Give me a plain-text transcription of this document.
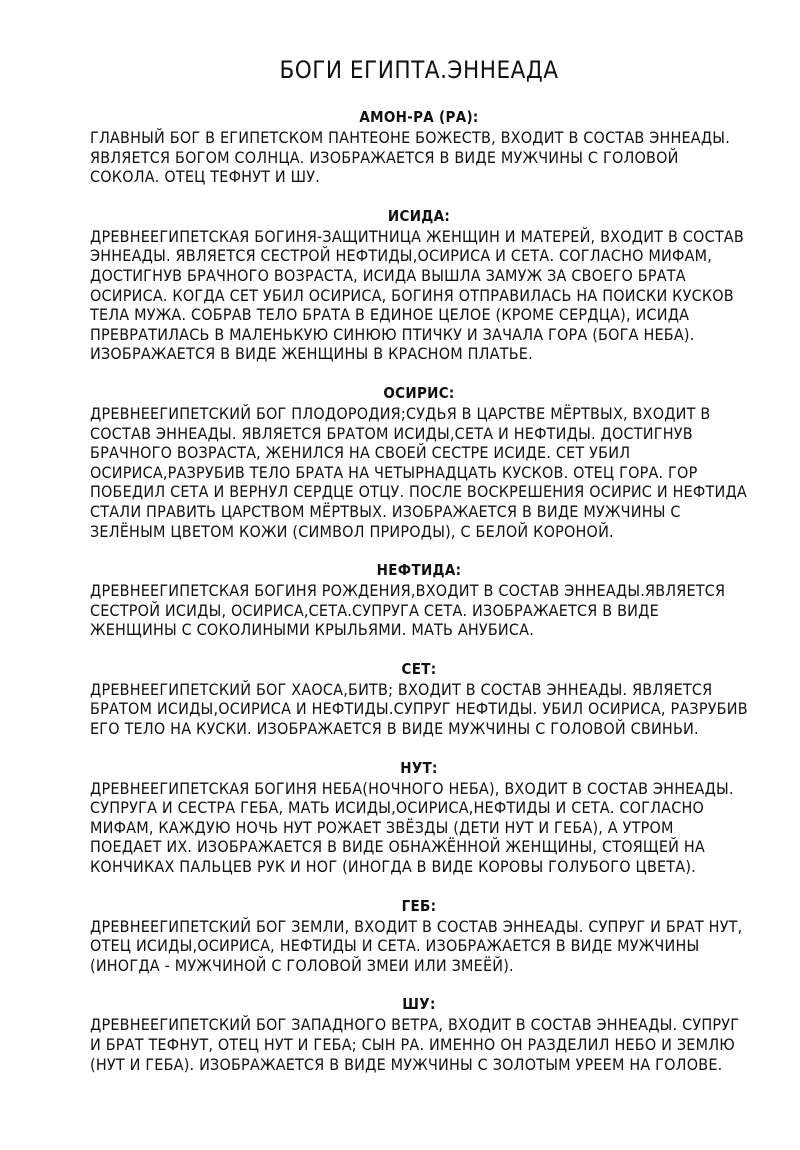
БОГИ ЕГИПТА.ЭННЕАДА
АМОН-РА (РА):

ГЛАВНЫЙ БОГ В ЕГИПЕТСКОМ ПАНТЕОНЕ БОЖЕСТВ, ВХОДИТ В СОСТАВ ЭННЕАДЫ. ЯВЛЯЕТСЯ БОГОМ СОЛНЦА. ИЗОБРАЖАЕТСЯ В ВИДЕ МУЖЧИНЫ С ГОЛОВОЙ СОКОЛА. ОТЕЦ ТЕФНУТ И ШУ.

ИСИДА:

ДРЕВНЕЕГИПЕТСКАЯ БОГИНЯ-ЗАЩИТНИЦА ЖЕНЩИН И МАТЕРЕЙ, ВХОДИТ В СОСТАВ ЭННЕАДЫ. ЯВЛЯЕТСЯ СЕСТРОЙ НЕФТИДЫ,ОСИРИСА И СЕТА. СОГЛАСНО МИФАМ, ДОСТИГНУВ БРАЧНОГО ВОЗРАСТА, ИСИДА ВЫШЛА ЗАМУЖ ЗА СВОЕГО БРАТА ОСИРИСА. КОГДА СЕТ УБИЛ ОСИРИСА, БОГИНЯ ОТПРАВИЛАСЬ НА ПОИСКИ КУСКОВ ТЕЛА МУЖА. СОБРАВ ТЕЛО БРАТА В ЕДИНОЕ ЦЕЛОЕ (КРОМЕ СЕРДЦА), ИСИДА ПРЕВРАТИЛАСЬ В МАЛЕНЬКУЮ СИНЮЮ ПТИЧКУ И ЗАЧАЛА ГОРА (БОГА НЕБА). ИЗОБРАЖАЕТСЯ В ВИДЕ ЖЕНЩИНЫ В КРАСНОМ ПЛАТЬЕ.

ОСИРИС:

ДРЕВНЕЕГИПЕТСКИЙ БОГ ПЛОДОРОДИЯ;СУДЬЯ В ЦАРСТВЕ МЁРТВЫХ, ВХОДИТ В СОСТАВ ЭННЕАДЫ. ЯВЛЯЕТСЯ БРАТОМ ИСИДЫ,СЕТА И НЕФТИДЫ. ДОСТИГНУВ БРАЧНОГО ВОЗРАСТА, ЖЕНИЛСЯ НА СВОЕЙ СЕСТРЕ ИСИДЕ. СЕТ УБИЛ ОСИРИСА,РАЗРУБИВ ТЕЛО БРАТА НА ЧЕТЫРНАДЦАТЬ КУСКОВ. ОТЕЦ ГОРА. ГОР ПОБЕДИЛ СЕТА И ВЕРНУЛ СЕРДЦЕ ОТЦУ. ПОСЛЕ ВОСКРЕШЕНИЯ ОСИРИС И НЕФТИДА СТАЛИ ПРАВИТЬ ЦАРСТВОМ МЁРТВЫХ. ИЗОБРАЖАЕТСЯ В ВИДЕ МУЖЧИНЫ С ЗЕЛЁНЫМ ЦВЕТОМ КОЖИ (СИМВОЛ ПРИРОДЫ), С БЕЛОЙ КОРОНОЙ.

НЕФТИДА:

ДРЕВНЕЕГИПЕТСКАЯ БОГИНЯ РОЖДЕНИЯ,ВХОДИТ В СОСТАВ ЭННЕАДЫ.ЯВЛЯЕТСЯ СЕСТРОЙ ИСИДЫ, ОСИРИСА,СЕТА.СУПРУГА СЕТА. ИЗОБРАЖАЕТСЯ В ВИДЕ ЖЕНЩИНЫ С СОКОЛИНЫМИ КРЫЛЬЯМИ. МАТЬ АНУБИСА.

СЕТ:

ДРЕВНЕЕГИПЕТСКИЙ БОГ ХАОСА,БИТВ; ВХОДИТ В СОСТАВ ЭННЕАДЫ. ЯВЛЯЕТСЯ БРАТОМ ИСИДЫ,ОСИРИСА И НЕФТИДЫ.СУПРУГ НЕФТИДЫ. УБИЛ ОСИРИСА, РАЗРУБИВ ЕГО ТЕЛО НА КУСКИ. ИЗОБРАЖАЕТСЯ В ВИДЕ МУЖЧИНЫ С ГОЛОВОЙ СВИНЬИ.

НУТ:

ДРЕВНЕЕГИПЕТСКАЯ БОГИНЯ НЕБА(НОЧНОГО НЕБА), ВХОДИТ В СОСТАВ ЭННЕАДЫ. СУПРУГА И СЕСТРА ГЕБА, МАТЬ ИСИДЫ,ОСИРИСА,НЕФТИДЫ И СЕТА. СОГЛАСНО МИФАМ, КАЖДУЮ НОЧЬ НУТ РОЖАЕТ ЗВЁЗДЫ (ДЕТИ НУТ И ГЕБА), А УТРОМ ПОЕДАЕТ ИХ. ИЗОБРАЖАЕТСЯ В ВИДЕ ОБНАЖЁННОЙ ЖЕНЩИНЫ, СТОЯЩЕЙ НА КОНЧИКАХ ПАЛЬЦЕВ РУК И НОГ (ИНОГДА В ВИДЕ КОРОВЫ ГОЛУБОГО ЦВЕТА).

ГЕБ:

ДРЕВНЕЕГИПЕТСКИЙ БОГ ЗЕМЛИ, ВХОДИТ В СОСТАВ ЭННЕАДЫ. СУПРУГ И БРАТ НУТ, ОТЕЦ ИСИДЫ,ОСИРИСА, НЕФТИДЫ И СЕТА. ИЗОБРАЖАЕТСЯ В ВИДЕ МУЖЧИНЫ (ИНОГДА - МУЖЧИНОЙ С ГОЛОВОЙ ЗМЕИ ИЛИ ЗМЕЁЙ).

ШУ:

ДРЕВНЕЕГИПЕТСКИЙ БОГ ЗАПАДНОГО ВЕТРА, ВХОДИТ В СОСТАВ ЭННЕАДЫ. СУПРУГ И БРАТ ТЕФНУТ, ОТЕЦ НУТ И ГЕБА; СЫН РА. ИМЕННО ОН РАЗДЕЛИЛ НЕБО И ЗЕМЛЮ (НУТ И ГЕБА). ИЗОБРАЖАЕТСЯ В ВИДЕ МУЖЧИНЫ С ЗОЛОТЫМ УРЕЕМ НА ГОЛОВЕ.
